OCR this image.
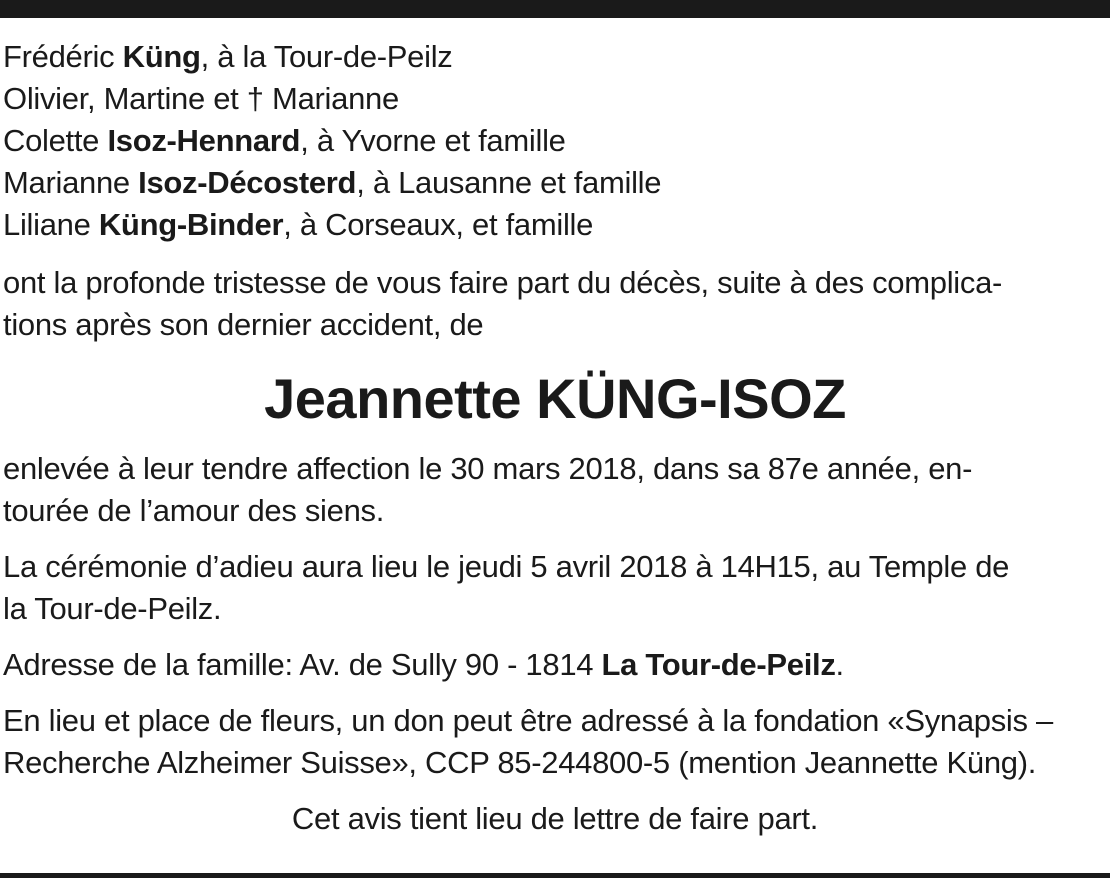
Frédéric Küng, à la Tour-de-Peilz
Olivier, Martine et † Marianne
Colette Isoz-Hennard, à Yvorne et famille
Marianne Isoz-Décosterd, à Lausanne et famille
Liliane Küng-Binder, à Corseaux, et famille
ont la profonde tristesse de vous faire part du décès, suite à des complica-
tions après son dernier accident, de
Jeannette KÜNG-ISOZ
enlevée à leur tendre affection le 30 mars 2018, dans sa 87e année, en-
tourée de l’amour des siens.
La cérémonie d’adieu aura lieu le jeudi 5 avril 2018 à 14H15, au Temple de
la Tour-de-Peilz.
Adresse de la famille: Av. de Sully 90 - 1814 La Tour-de-Peilz.
En lieu et place de fleurs, un don peut être adressé à la fondation «Synapsis –
Recherche Alzheimer Suisse», CCP 85-244800-5 (mention Jeannette Küng).
Cet avis tient lieu de lettre de faire part.
